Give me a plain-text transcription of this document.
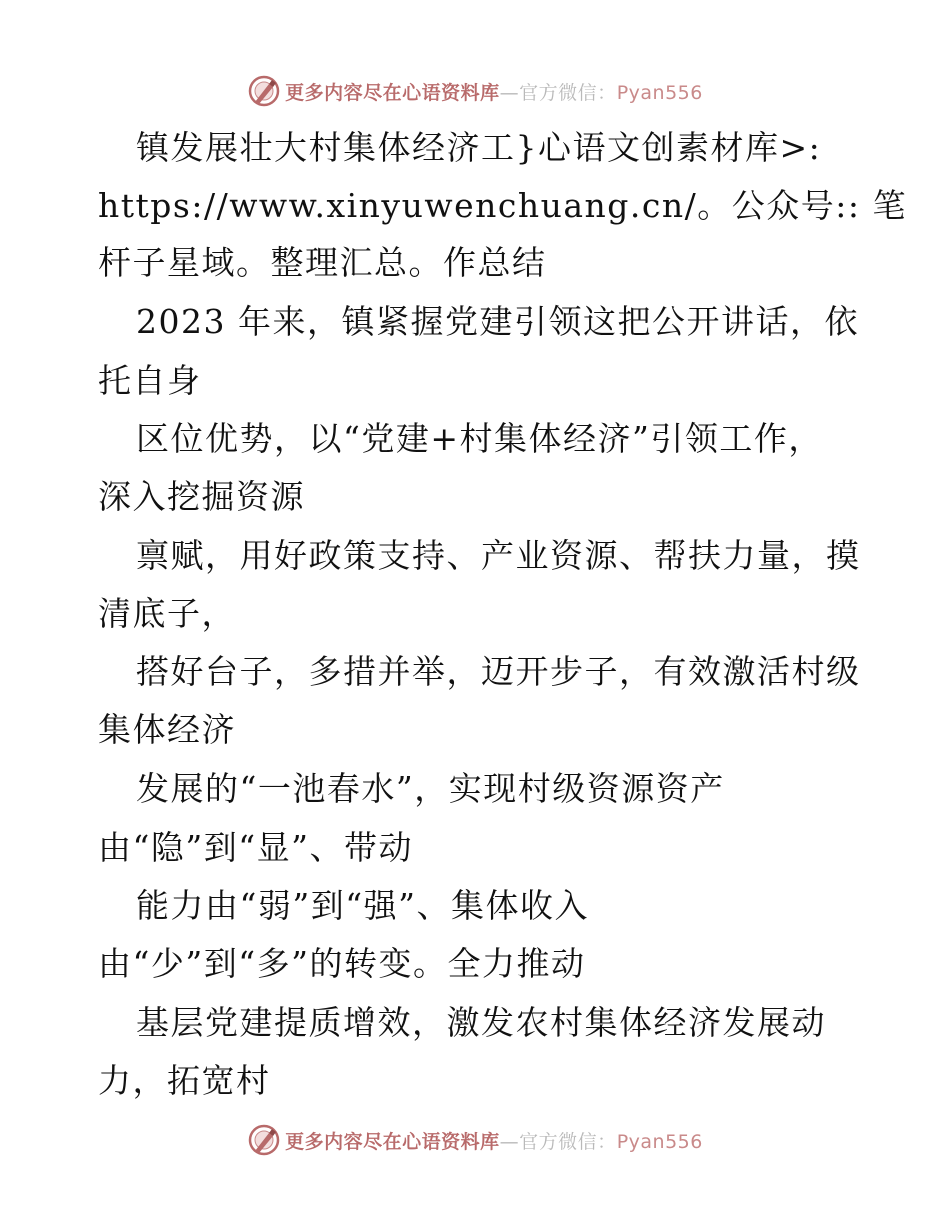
更多内容尽在心语资料库—官方微信：Pyan556
镇发展壮大村集体经济工}心语文创素材库>:
https://www.xinyuwenchuang.cn/。公众号:: 笔
杆子星域。整理汇总。作总结
2023 年来，镇紧握党建引领这把公开讲话，依
托自身
区位优势，以“党建+村集体经济”引领工作，
深入挖掘资源
禀赋，用好政策支持、产业资源、帮扶力量，摸
清底子，
搭好台子，多措并举，迈开步子，有效激活村级
集体经济
发展的“一池春水”，实现村级资源资产
由“隐”到“显”、带动
能力由“弱”到“强”、集体收入
由“少”到“多”的转变。全力推动
基层党建提质增效，激发农村集体经济发展动
力，拓宽村
更多内容尽在心语资料库—官方微信：Pyan556
